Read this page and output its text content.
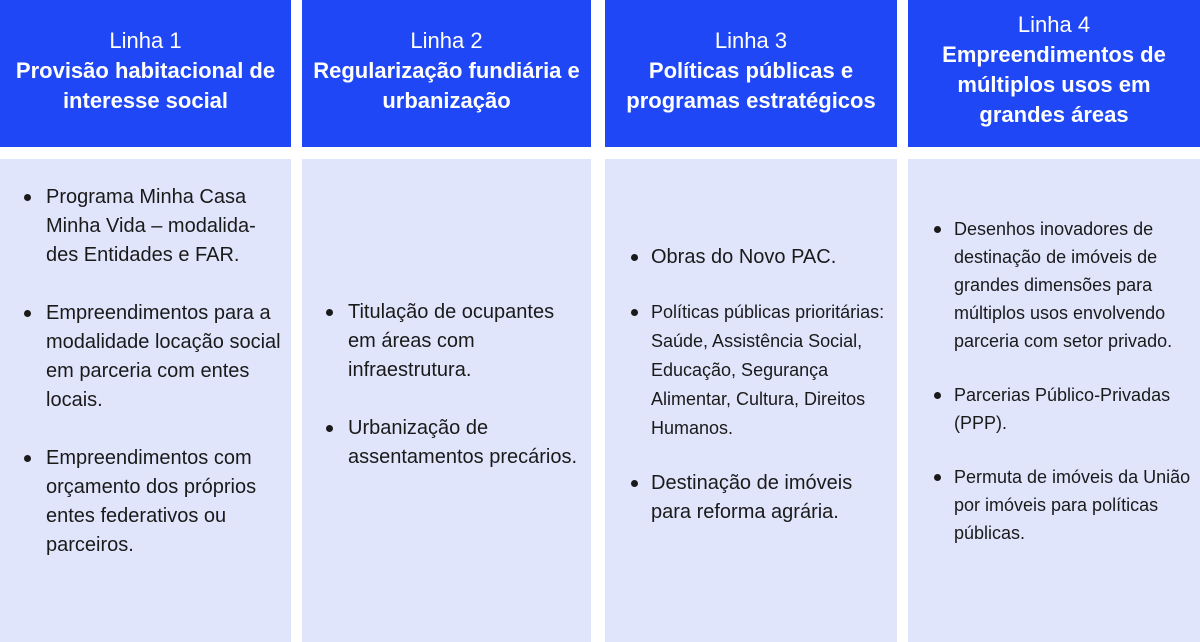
Linha 1
Provisão habitacional de interesse social
Programa Minha Casa Minha Vida – modalida-des Entidades e FAR.
Empreendimentos para a modalidade locação social em parceria com entes locais.
Empreendimentos com orçamento dos próprios entes federativos ou parceiros.
Linha 2
Regularização fundiária e urbanização
Titulação de ocupantes em áreas com infraestrutura.
Urbanização de assentamentos precários.
Linha 3
Políticas públicas e programas estratégicos
Obras do Novo PAC.
Políticas públicas prioritárias: Saúde, Assistência Social, Educação, Segurança Alimentar, Cultura, Direitos Humanos.
Destinação de imóveis para reforma agrária.
Linha 4
Empreendimentos de múltiplos usos em grandes áreas
Desenhos inovadores de destinação de imóveis de grandes dimensões para múltiplos usos envolvendo parceria com setor privado.
Parcerias Público-Privadas (PPP).
Permuta de imóveis da União por imóveis para políticas públicas.
